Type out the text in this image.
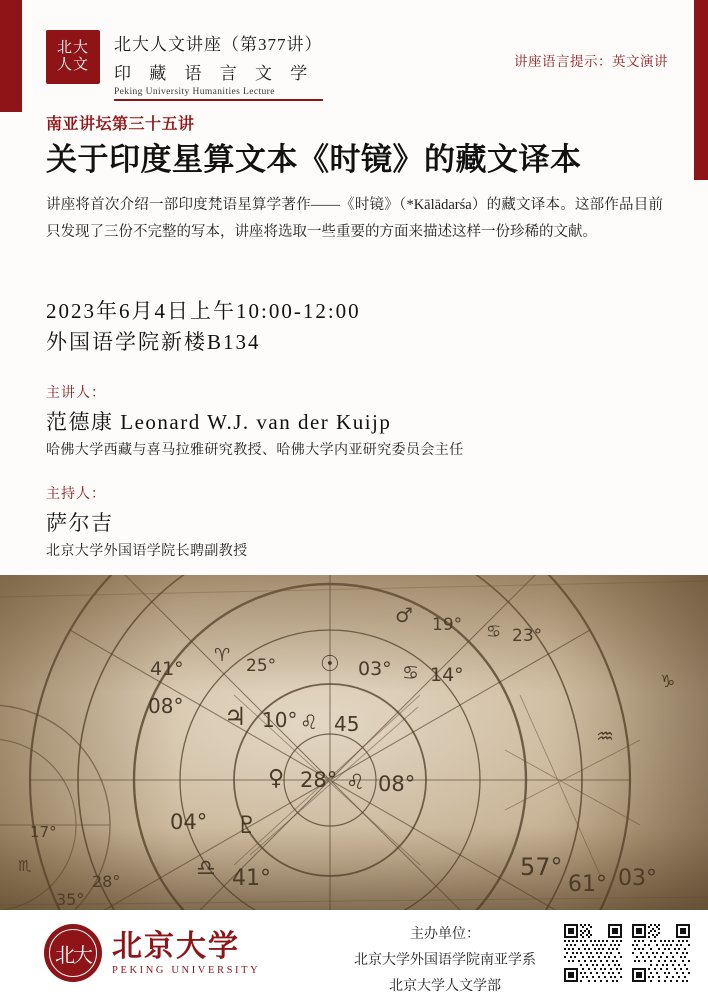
北大
人文
北大人文讲座（第377讲）
印 藏 语 言 文 学
Peking University Humanities Lecture
讲座语言提示：英文演讲
南亚讲坛第三十五讲
关于印度星算文本《时镜》的藏文译本
讲座将首次介绍一部印度梵语星算学著作——《时镜》（*Kālādarśa）的藏文译本。这部作品目前只发现了三份不完整的写本，讲座将选取一些重要的方面来描述这样一份珍稀的文献。
2023年6月4日上午10:00-12:00
外国语学院新楼B134
主讲人：
范德康 Leonard W.J. van der Kuijp
哈佛大学西藏与喜马拉雅研究教授、哈佛大学内亚研究委员会主任
主持人：
萨尔吉
北京大学外国语学院长聘副教授
北大 北京大学
PEKING UNIVERSITY
主办单位：
北京大学外国语学院南亚学系
北京大学人文学部
